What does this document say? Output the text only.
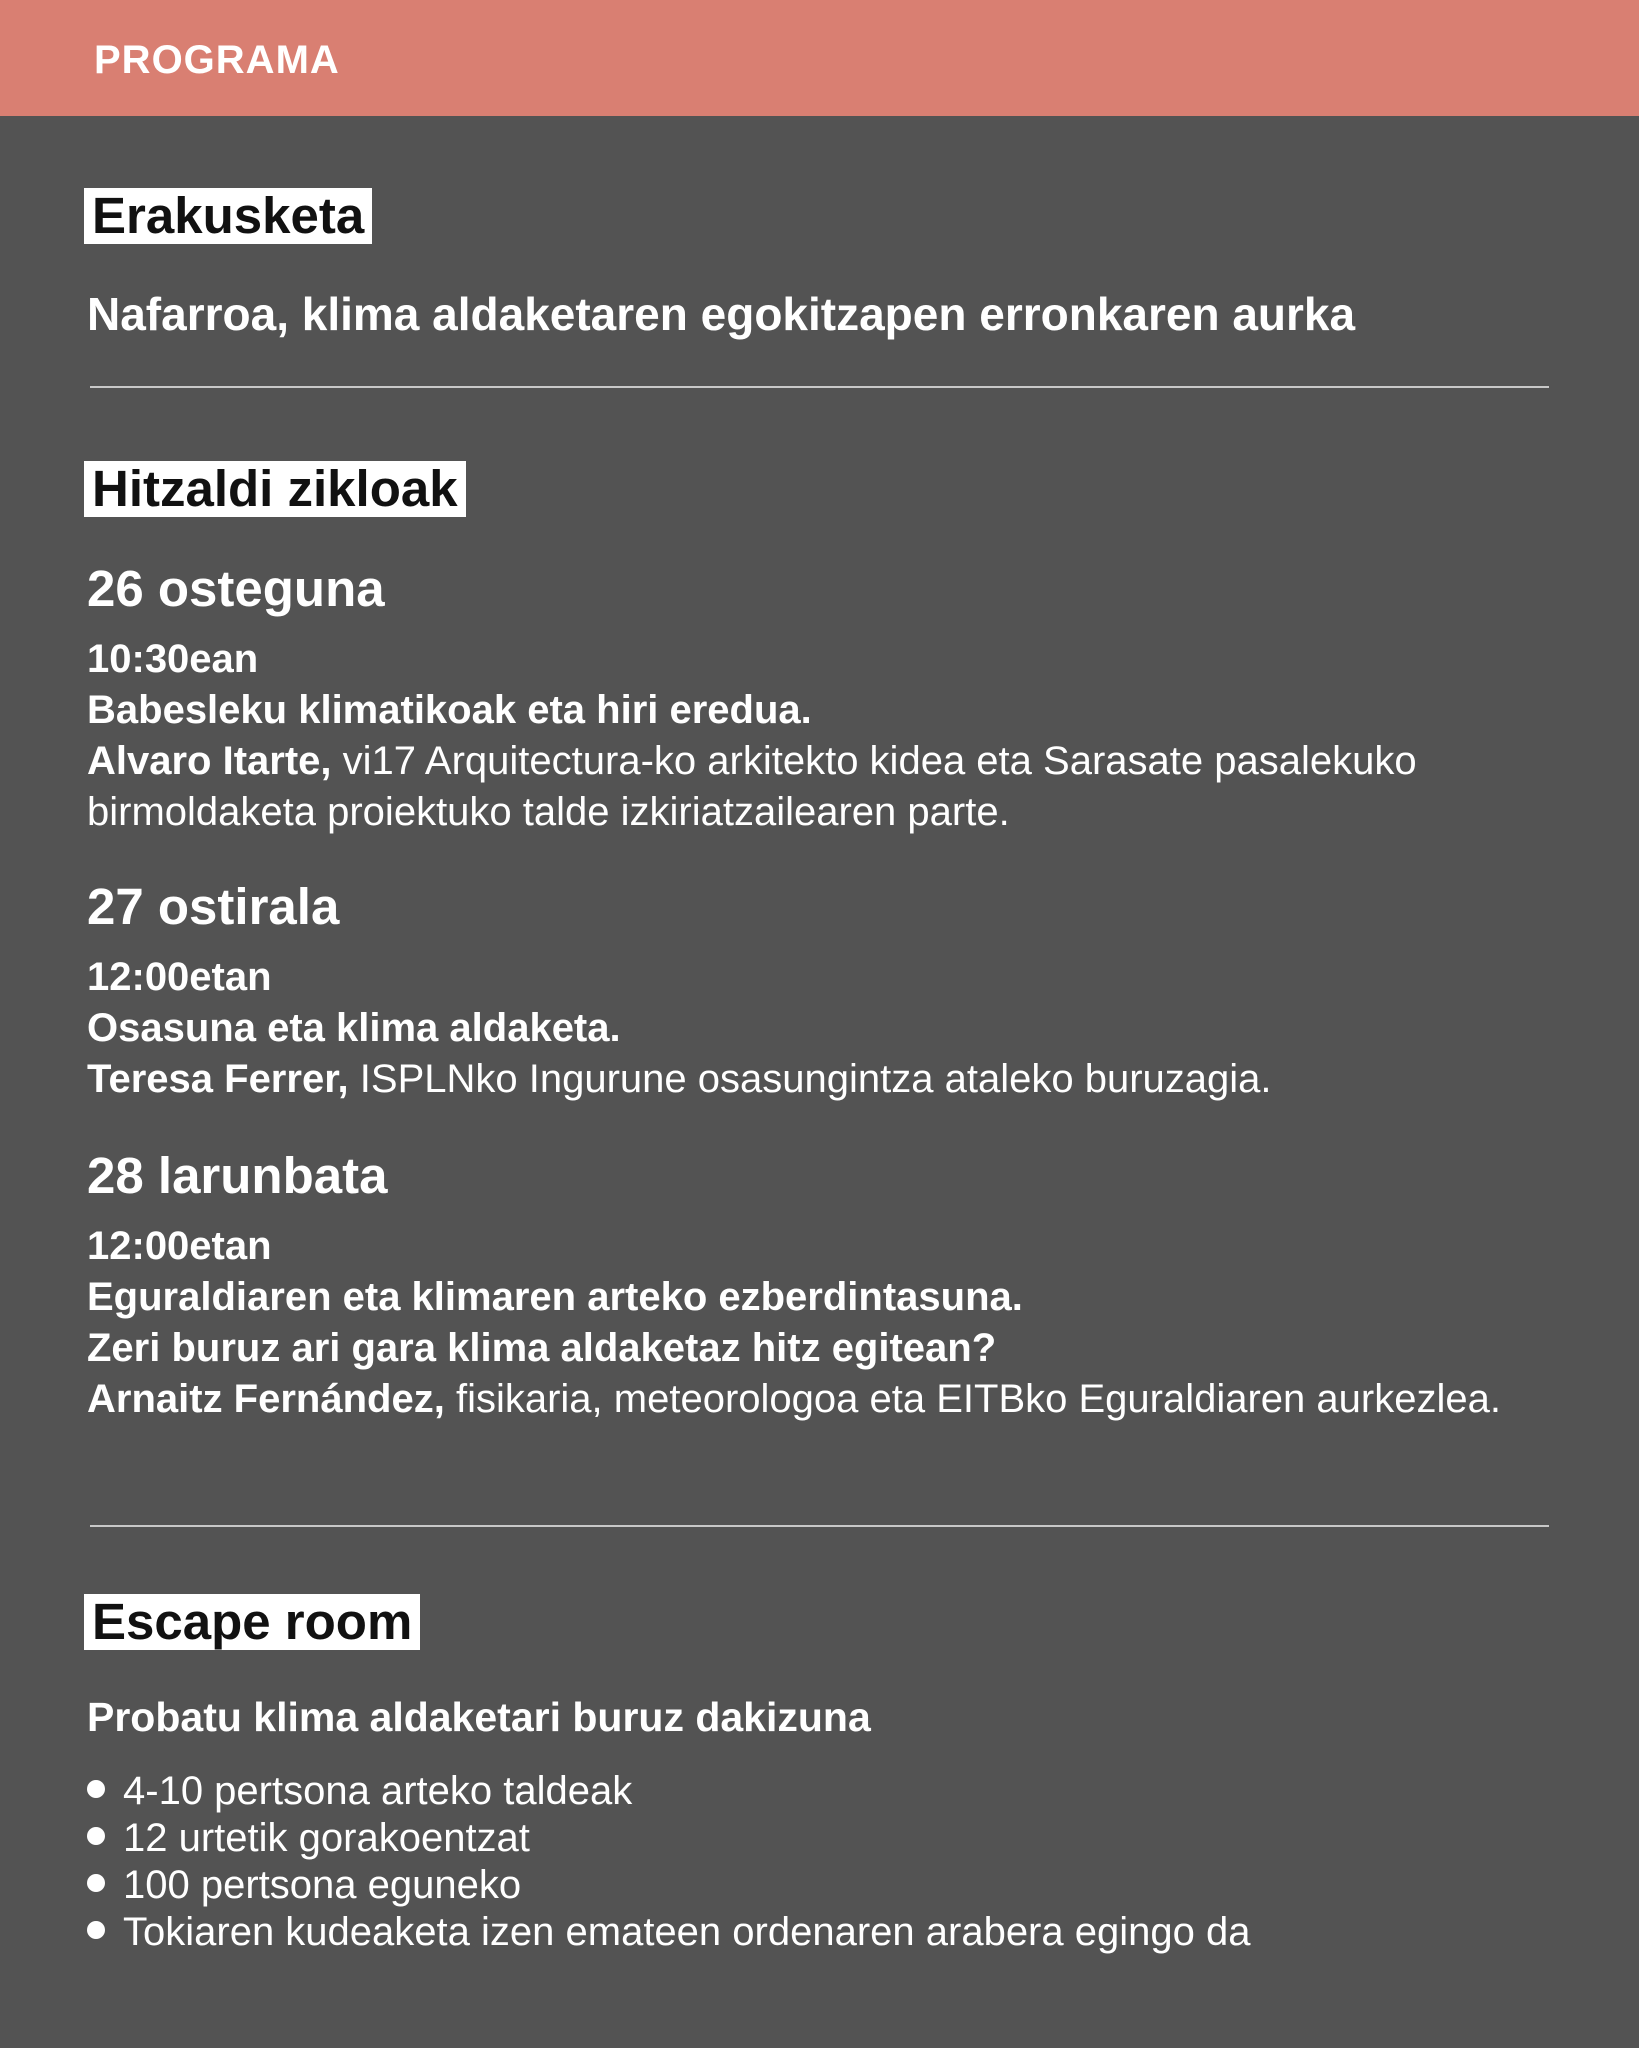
PROGRAMA
Erakusketa
Nafarroa, klima aldaketaren egokitzapen erronkaren aurka
Hitzaldi zikloak
26 osteguna
10:30ean
Babesleku klimatikoak eta hiri eredua.
Alvaro Itarte, vi17 Arquitectura-ko arkitekto kidea eta Sarasate pasalekuko birmoldaketa proiektuko talde izkiriatzailearen parte.
27 ostirala
12:00etan
Osasuna eta klima aldaketa.
Teresa Ferrer, ISPLNko Ingurune osasungintza ataleko buruzagia.
28 larunbata
12:00etan
Eguraldiaren eta klimaren arteko ezberdintasuna.
Zeri buruz ari gara klima aldaketaz hitz egitean?
Arnaitz Fernández, fisikaria, meteorologoa eta EITBko Eguraldiaren aurkezlea.
Escape room
Probatu klima aldaketari buruz dakizuna
4-10 pertsona arteko taldeak
12 urtetik gorakoentzat
100 pertsona eguneko
Tokiaren kudeaketa izen emateen ordenaren arabera egingo da
